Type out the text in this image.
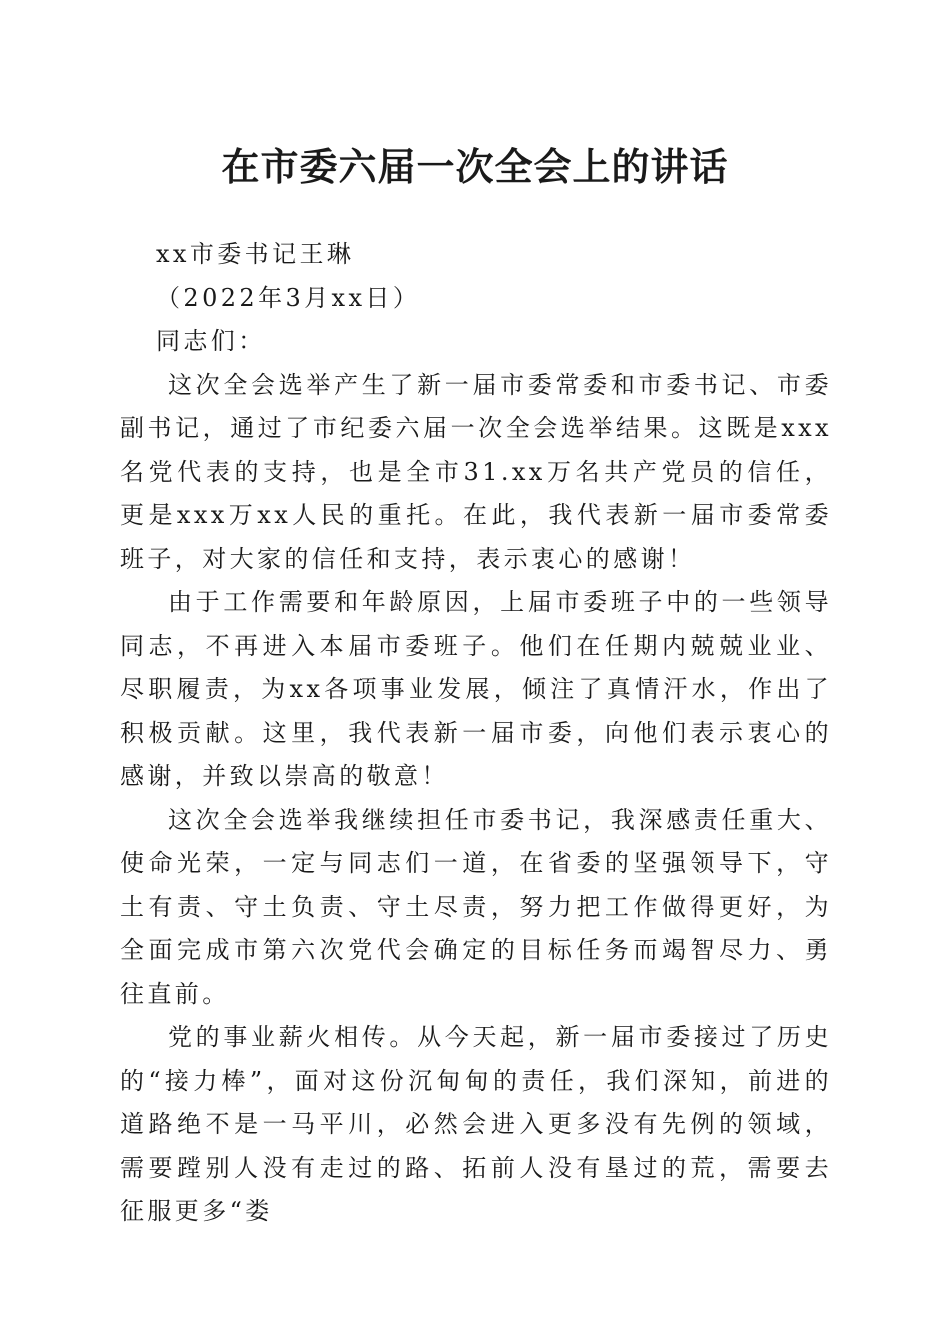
在市委六届一次全会上的讲话

xx市委书记王琳

（2022年3月xx日）

同志们：

这次全会选举产生了新一届市委常委和市委书记、市委副书记，通过了市纪委六届一次全会选举结果。这既是xxx名党代表的支持，也是全市31.xx万名共产党员的信任，更是xxx万xx人民的重托。在此，我代表新一届市委常委班子，对大家的信任和支持，表示衷心的感谢！

由于工作需要和年龄原因，上届市委班子中的一些领导同志，不再进入本届市委班子。他们在任期内兢兢业业、尽职履责，为xx各项事业发展，倾注了真情汗水，作出了积极贡献。这里，我代表新一届市委，向他们表示衷心的感谢，并致以崇高的敬意！

这次全会选举我继续担任市委书记，我深感责任重大、使命光荣，一定与同志们一道，在省委的坚强领导下，守土有责、守土负责、守土尽责，努力把工作做得更好，为全面完成市第六次党代会确定的目标任务而竭智尽力、勇往直前。

党的事业薪火相传。从今天起，新一届市委接过了历史的“接力棒”，面对这份沉甸甸的责任，我们深知，前进的道路绝不是一马平川，必然会进入更多没有先例的领域，需要蹚别人没有走过的路、拓前人没有垦过的荒，需要去征服更多“娄
